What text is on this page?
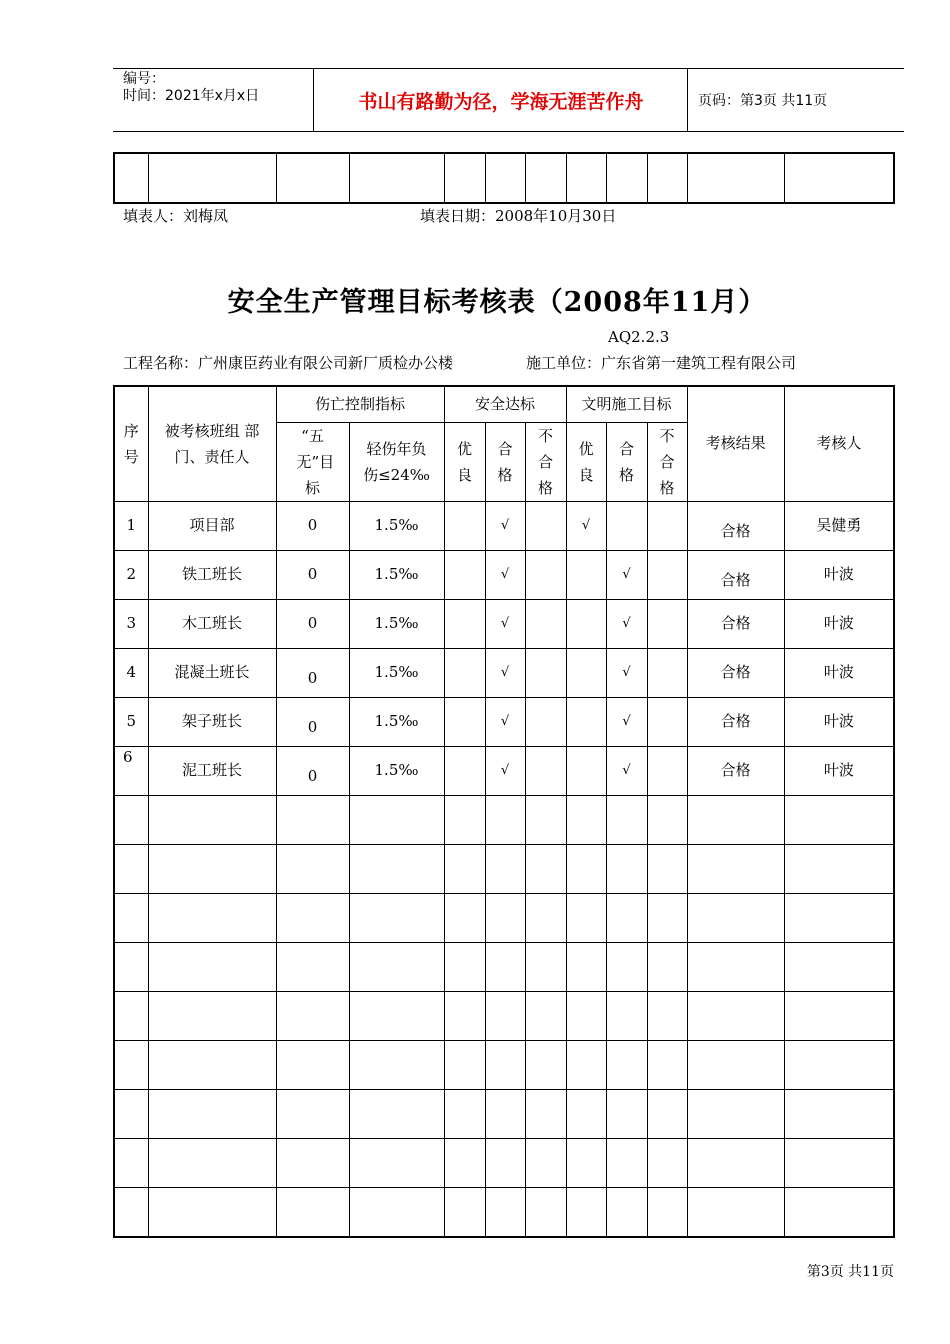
编号：
时间：2021年x月x日	书山有路勤为径，学海无涯苦作舟	页码：第3页 共11页

填表人：刘梅凤	填表日期：2008年10月30日
安全生产管理目标考核表（2008年11月）
AQ2.2.3
工程名称：广州康臣药业有限公司新厂质检办公楼	施工单位：广东省第一建筑工程有限公司
序号	被考核班组 部门、责任人	伤亡控制指标		安全达标			文明施工目标			考核结果	考核人

		“五无”目标	轻伤年负伤≤24‰	优良	合格	不合格	优良	合格	不合格		

1	项目部	0	1.5‰		√		√			合格	吴健勇
2	铁工班长	0	1.5‰		√			√		合格	叶波
3	木工班长	0	1.5‰		√			√		合格	叶波
4	混凝土班长	0	1.5‰		√			√		合格	叶波
5	架子班长	0	1.5‰		√			√		合格	叶波
6	泥工班长	0	1.5‰		√			√		合格	叶波

第3页 共11页
